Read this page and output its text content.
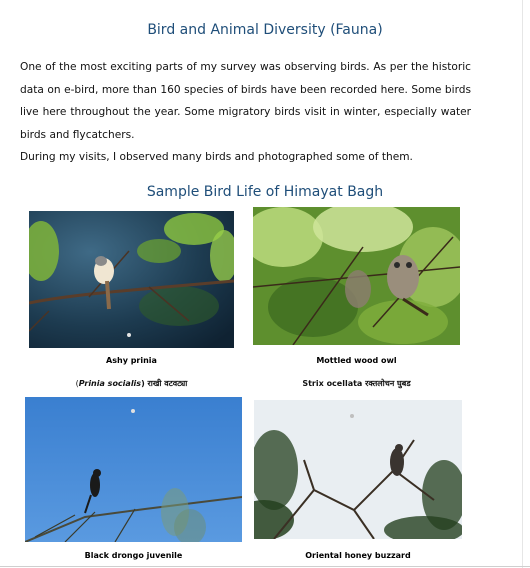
Bird and Animal Diversity (Fauna)

One of the most exciting parts of my survey was observing birds. As per the historic data on e-bird, more than 160 species of birds have been recorded here. Some birds live here throughout the year. Some migratory birds visit in winter, especially water birds and flycatchers.

During my visits, I observed many birds and photographed some of them.

Sample Bird Life of Himayat Bagh
Ashy prinia
(Prinia socialis) राखी वटवट्या
Mottled wood owl
Strix ocellata रक्तलोचन घुबड
Black drongo juvenile	Oriental honey buzzard
